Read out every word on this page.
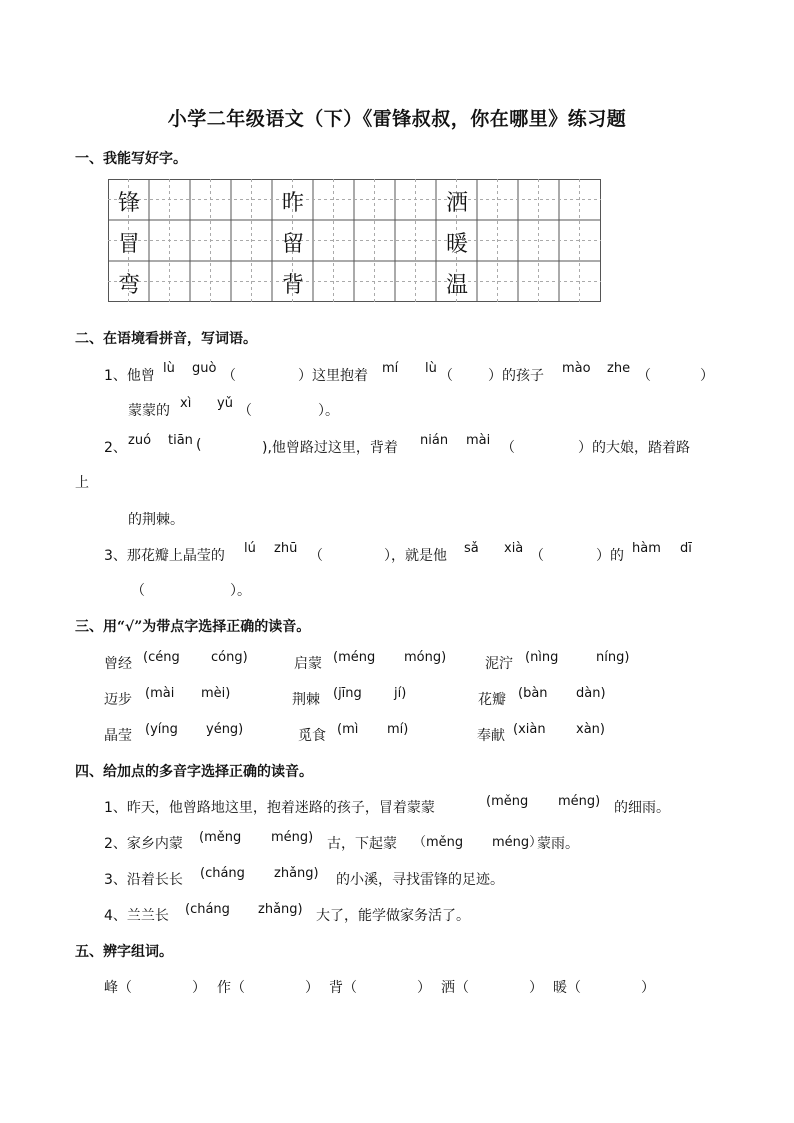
小学二年级语文（下）《雷锋叔叔，你在哪里》练习题
一、我能写好字。
锋	昨	洒
冒	留	暖
弯	背	温
二、在语境看拼音，写词语。
1、他曾 lù guò （	）这里抱着 mí lù （	）的孩子 mào zhe （	）
蒙蒙的 xì yǔ （	）。
2、 zuó tiān (	),他曾路过这里，背着 nián mài （	）的大娘，踏着路
上
的荆棘。
3、那花瓣上晶莹的 lú zhū （	），就是他 sǎ xià （	）的 hàm dī
（	）。
三、用“√”为带点字选择正确的读音。
曾经 (céng cóng)	启蒙 (méng móng)	泥泞 (nìng	níng)
迈步 (mài mèi)	荆棘 (jīng jí)	花瓣 (bàn dàn)
晶莹 (yíng yéng)	觅食 (mì mí)	奉献 (xiàn xàn)
四、给加点的多音字选择正确的读音。
1、昨天，他曾路地这里，抱着迷路的孩子，冒着蒙蒙	(měng méng) 的细雨。
2、家乡内蒙 (měng méng) 古，下起蒙 （měng méng）
蒙雨。
3、沿着长长 (cháng zhǎng) 的小溪，寻找雷锋的足迹。
4、兰兰长 (cháng zhǎng) 大了，能学做家务活了。
五、辨字组词。
峰（	） 作（	） 背（	） 洒（	） 暖（	）
